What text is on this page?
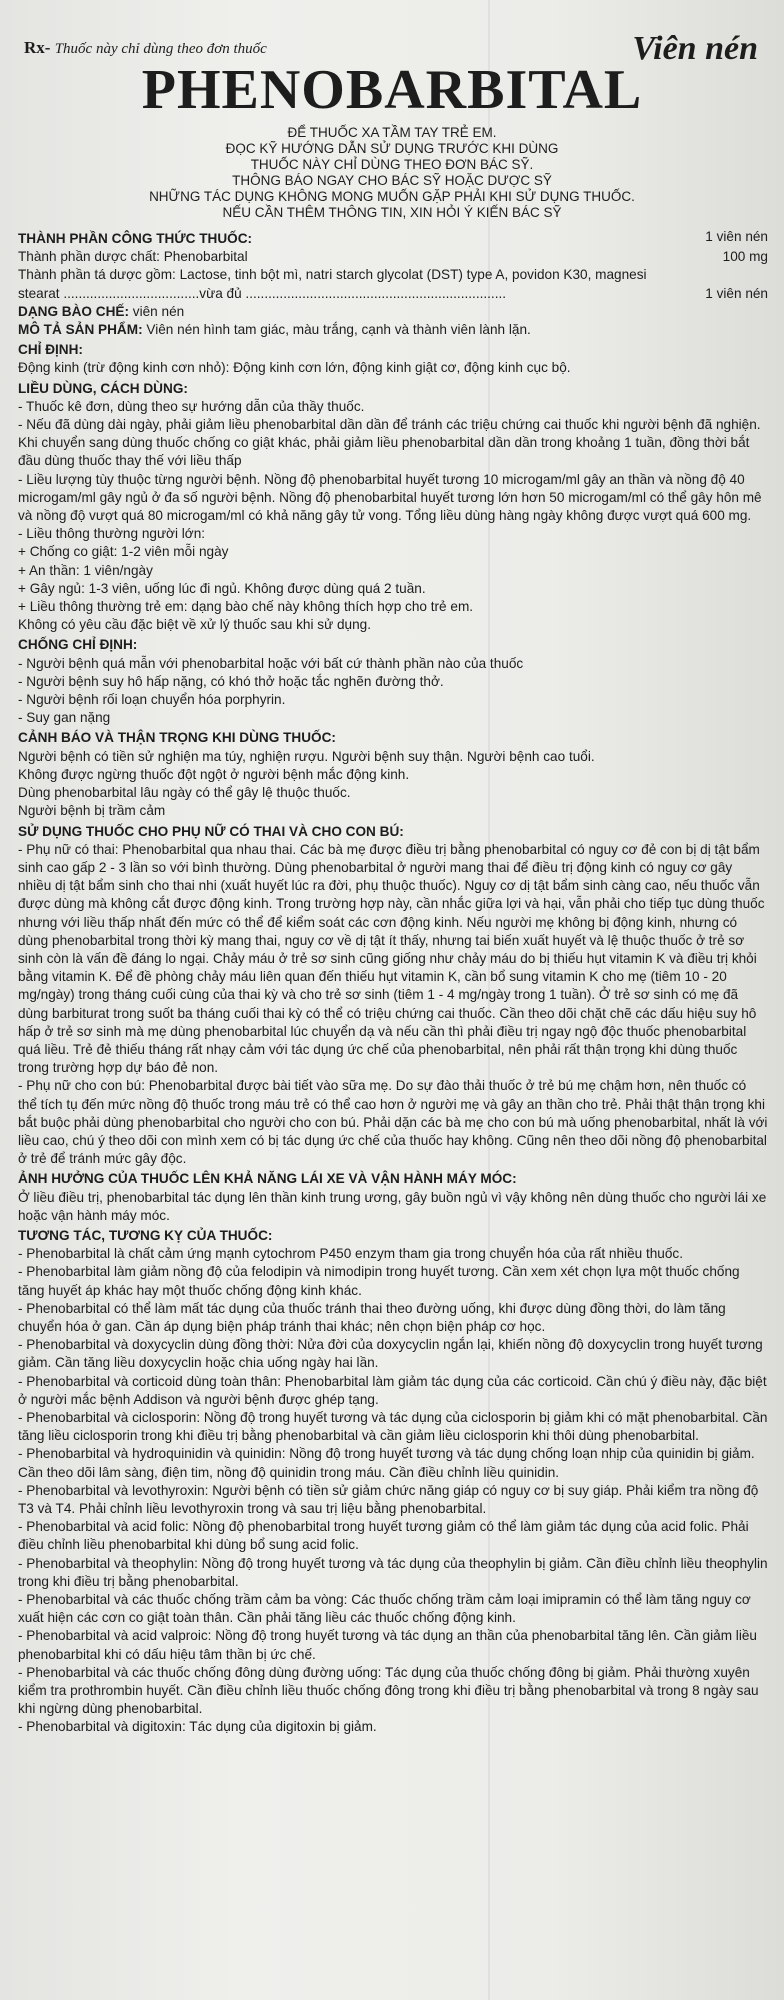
Rx- Thuốc này chỉ dùng theo đơn thuốc	Viên nén
PHENOBARBITAL
ĐỂ THUỐC XA TẦM TAY TRẺ EM.
ĐỌC KỸ HƯỚNG DẪN SỬ DỤNG TRƯỚC KHI DÙNG
THUỐC NÀY CHỈ DÙNG THEO ĐƠN BÁC SỸ.
THÔNG BÁO NGAY CHO BÁC SỸ HOẶC DƯỢC SỸ
NHỮNG TÁC DỤNG KHÔNG MONG MUỐN GẶP PHẢI KHI SỬ DỤNG THUỐC.
NẾU CẦN THÊM THÔNG TIN, XIN HỎI Ý KIẾN BÁC SỸ
THÀNH PHẦN CÔNG THỨC THUỐC:	1 viên nén
Thành phần dược chất: Phenobarbital	100 mg
Thành phần tá dược gồm: Lactose, tinh bột mì, natri starch glycolat (DST) type A, povidon K30, magnesi
stearat ....................................vừa đủ .....................................................................	1 viên nén
DẠNG BÀO CHẾ: viên nén
MÔ TẢ SẢN PHẨM: Viên nén hình tam giác, màu trắng, cạnh và thành viên lành lặn.
CHỈ ĐỊNH:
Động kinh (trừ động kinh cơn nhỏ): Động kinh cơn lớn, động kinh giật cơ, động kinh cục bộ.
LIỀU DÙNG, CÁCH DÙNG:
- Thuốc kê đơn, dùng theo sự hướng dẫn của thầy thuốc.
- Nếu đã dùng dài ngày, phải giảm liều phenobarbital dần dần để tránh các triệu chứng cai thuốc khi người bệnh đã nghiện. Khi chuyển sang dùng thuốc chống co giật khác, phải giảm liều phenobarbital dần dần trong khoảng 1 tuần, đồng thời bắt đầu dùng thuốc thay thế với liều thấp
- Liều lượng tùy thuộc từng người bệnh. Nồng độ phenobarbital huyết tương 10 microgam/ml gây an thần và nồng độ 40 microgam/ml gây ngủ ở đa số người bệnh. Nồng độ phenobarbital huyết tương lớn hơn 50 microgam/ml có thể gây hôn mê và nồng độ vượt quá 80 microgam/ml có khả năng gây tử vong. Tổng liều dùng hàng ngày không được vượt quá 600 mg.
- Liều thông thường người lớn:
+ Chống co giật: 1-2 viên mỗi ngày
+ An thần: 1 viên/ngày
+ Gây ngủ: 1-3 viên, uống lúc đi ngủ. Không được dùng quá 2 tuần.
+ Liều thông thường trẻ em: dạng bào chế này không thích hợp cho trẻ em.
Không có yêu cầu đặc biệt về xử lý thuốc sau khi sử dụng.
CHỐNG CHỈ ĐỊNH:
- Người bệnh quá mẫn với phenobarbital hoặc với bất cứ thành phần nào của thuốc
- Người bệnh suy hô hấp nặng, có khó thở hoặc tắc nghẽn đường thở.
- Người bệnh rối loạn chuyển hóa porphyrin.
- Suy gan nặng
CẢNH BÁO VÀ THẬN TRỌNG KHI DÙNG THUỐC:
Người bệnh có tiền sử nghiện ma túy, nghiện rượu. Người bệnh suy thận. Người bệnh cao tuổi.
Không được ngừng thuốc đột ngột ở người bệnh mắc động kinh.
Dùng phenobarbital lâu ngày có thể gây lệ thuộc thuốc.
Người bệnh bị trầm cảm
SỬ DỤNG THUỐC CHO PHỤ NỮ CÓ THAI VÀ CHO CON BÚ:
- Phụ nữ có thai: Phenobarbital qua nhau thai. Các bà mẹ được điều trị bằng phenobarbital có nguy cơ đẻ con bị dị tật bẩm sinh cao gấp 2 - 3 lần so với bình thường. Dùng phenobarbital ở người mang thai để điều trị động kinh có nguy cơ gây nhiều dị tật bẩm sinh cho thai nhi (xuất huyết lúc ra đời, phụ thuộc thuốc). Nguy cơ dị tật bẩm sinh càng cao, nếu thuốc vẫn được dùng mà không cắt được động kinh. Trong trường hợp này, cần nhắc giữa lợi và hại, vẫn phải cho tiếp tục dùng thuốc nhưng với liều thấp nhất đến mức có thể để kiểm soát các cơn động kinh. Nếu người mẹ không bị động kinh, nhưng có dùng phenobarbital trong thời kỳ mang thai, nguy cơ về dị tật ít thấy, nhưng tai biến xuất huyết và lệ thuộc thuốc ở trẻ sơ sinh còn là vấn đề đáng lo ngại. Chảy máu ở trẻ sơ sinh cũng giống như chảy máu do bị thiếu hụt vitamin K và điều trị khỏi bằng vitamin K. Để đề phòng chảy máu liên quan đến thiếu hụt vitamin K, cần bổ sung vitamin K cho mẹ (tiêm 10 - 20 mg/ngày) trong tháng cuối cùng của thai kỳ và cho trẻ sơ sinh (tiêm 1 - 4 mg/ngày trong 1 tuần). Ở trẻ sơ sinh có mẹ đã dùng barbiturat trong suốt ba tháng cuối thai kỳ có thể có triệu chứng cai thuốc. Cần theo dõi chặt chẽ các dấu hiệu suy hô hấp ở trẻ sơ sinh mà mẹ dùng phenobarbital lúc chuyển dạ và nếu cần thì phải điều trị ngay ngộ độc thuốc phenobarbital quá liều. Trẻ đẻ thiếu tháng rất nhạy cảm với tác dụng ức chế của phenobarbital, nên phải rất thận trọng khi dùng thuốc trong trường hợp dự báo đẻ non.
- Phụ nữ cho con bú: Phenobarbital được bài tiết vào sữa mẹ. Do sự đào thải thuốc ở trẻ bú mẹ chậm hơn, nên thuốc có thể tích tụ đến mức nồng độ thuốc trong máu trẻ có thể cao hơn ở người mẹ và gây an thần cho trẻ. Phải thật thận trọng khi bắt buộc phải dùng phenobarbital cho người cho con bú. Phải dặn các bà mẹ cho con bú mà uống phenobarbital, nhất là với liều cao, chú ý theo dõi con mình xem có bị tác dụng ức chế của thuốc hay không. Cũng nên theo dõi nồng độ phenobarbital ở trẻ để tránh mức gây độc.
ẢNH HƯỞNG CỦA THUỐC LÊN KHẢ NĂNG LÁI XE VÀ VẬN HÀNH MÁY MÓC:
Ở liều điều trị, phenobarbital tác dụng lên thần kinh trung ương, gây buồn ngủ vì vậy không nên dùng thuốc cho người lái xe hoặc vận hành máy móc.
TƯƠNG TÁC, TƯƠNG KỴ CỦA THUỐC:
- Phenobarbital là chất cảm ứng mạnh cytochrom P450 enzym tham gia trong chuyển hóa của rất nhiều thuốc.
- Phenobarbital làm giảm nồng độ của felodipin và nimodipin trong huyết tương. Cần xem xét chọn lựa một thuốc chống tăng huyết áp khác hay một thuốc chống động kinh khác.
- Phenobarbital có thể làm mất tác dụng của thuốc tránh thai theo đường uống, khi được dùng đồng thời, do làm tăng chuyển hóa ở gan. Cần áp dụng biện pháp tránh thai khác; nên chọn biện pháp cơ học.
- Phenobarbital và doxycyclin dùng đồng thời: Nửa đời của doxycyclin ngắn lại, khiến nồng độ doxycyclin trong huyết tương giảm. Cần tăng liều doxycyclin hoặc chia uống ngày hai lần.
- Phenobarbital và corticoid dùng toàn thân: Phenobarbital làm giảm tác dụng của các corticoid. Cần chú ý điều này, đặc biệt ở người mắc bệnh Addison và người bệnh được ghép tạng.
- Phenobarbital và ciclosporin: Nồng độ trong huyết tương và tác dụng của ciclosporin bị giảm khi có mặt phenobarbital. Cần tăng liều ciclosporin trong khi điều trị bằng phenobarbital và cần giảm liều ciclosporin khi thôi dùng phenobarbital.
- Phenobarbital và hydroquinidin và quinidin: Nồng độ trong huyết tương và tác dụng chống loạn nhịp của quinidin bị giảm. Cần theo dõi lâm sàng, điện tim, nồng độ quinidin trong máu. Cần điều chỉnh liều quinidin.
- Phenobarbital và levothyroxin: Người bệnh có tiền sử giảm chức năng giáp có nguy cơ bị suy giáp. Phải kiểm tra nồng độ T3 và T4. Phải chỉnh liều levothyroxin trong và sau trị liệu bằng phenobarbital.
- Phenobarbital và acid folic: Nồng độ phenobarbital trong huyết tương giảm có thể làm giảm tác dụng của acid folic. Phải điều chỉnh liều phenobarbital khi dùng bổ sung acid folic.
- Phenobarbital và theophylin: Nồng độ trong huyết tương và tác dụng của theophylin bị giảm. Cần điều chỉnh liều theophylin trong khi điều trị bằng phenobarbital.
- Phenobarbital và các thuốc chống trầm cảm ba vòng: Các thuốc chống trầm cảm loại imipramin có thể làm tăng nguy cơ xuất hiện các cơn co giật toàn thân. Cần phải tăng liều các thuốc chống động kinh.
- Phenobarbital và acid valproic: Nồng độ trong huyết tương và tác dụng an thần của phenobarbital tăng lên. Cần giảm liều phenobarbital khi có dấu hiệu tâm thần bị ức chế.
- Phenobarbital và các thuốc chống đông dùng đường uống: Tác dụng của thuốc chống đông bị giảm. Phải thường xuyên kiểm tra prothrombin huyết. Cần điều chỉnh liều thuốc chống đông trong khi điều trị bằng phenobarbital và trong 8 ngày sau khi ngừng dùng phenobarbital.
- Phenobarbital và digitoxin: Tác dụng của digitoxin bị giảm.
